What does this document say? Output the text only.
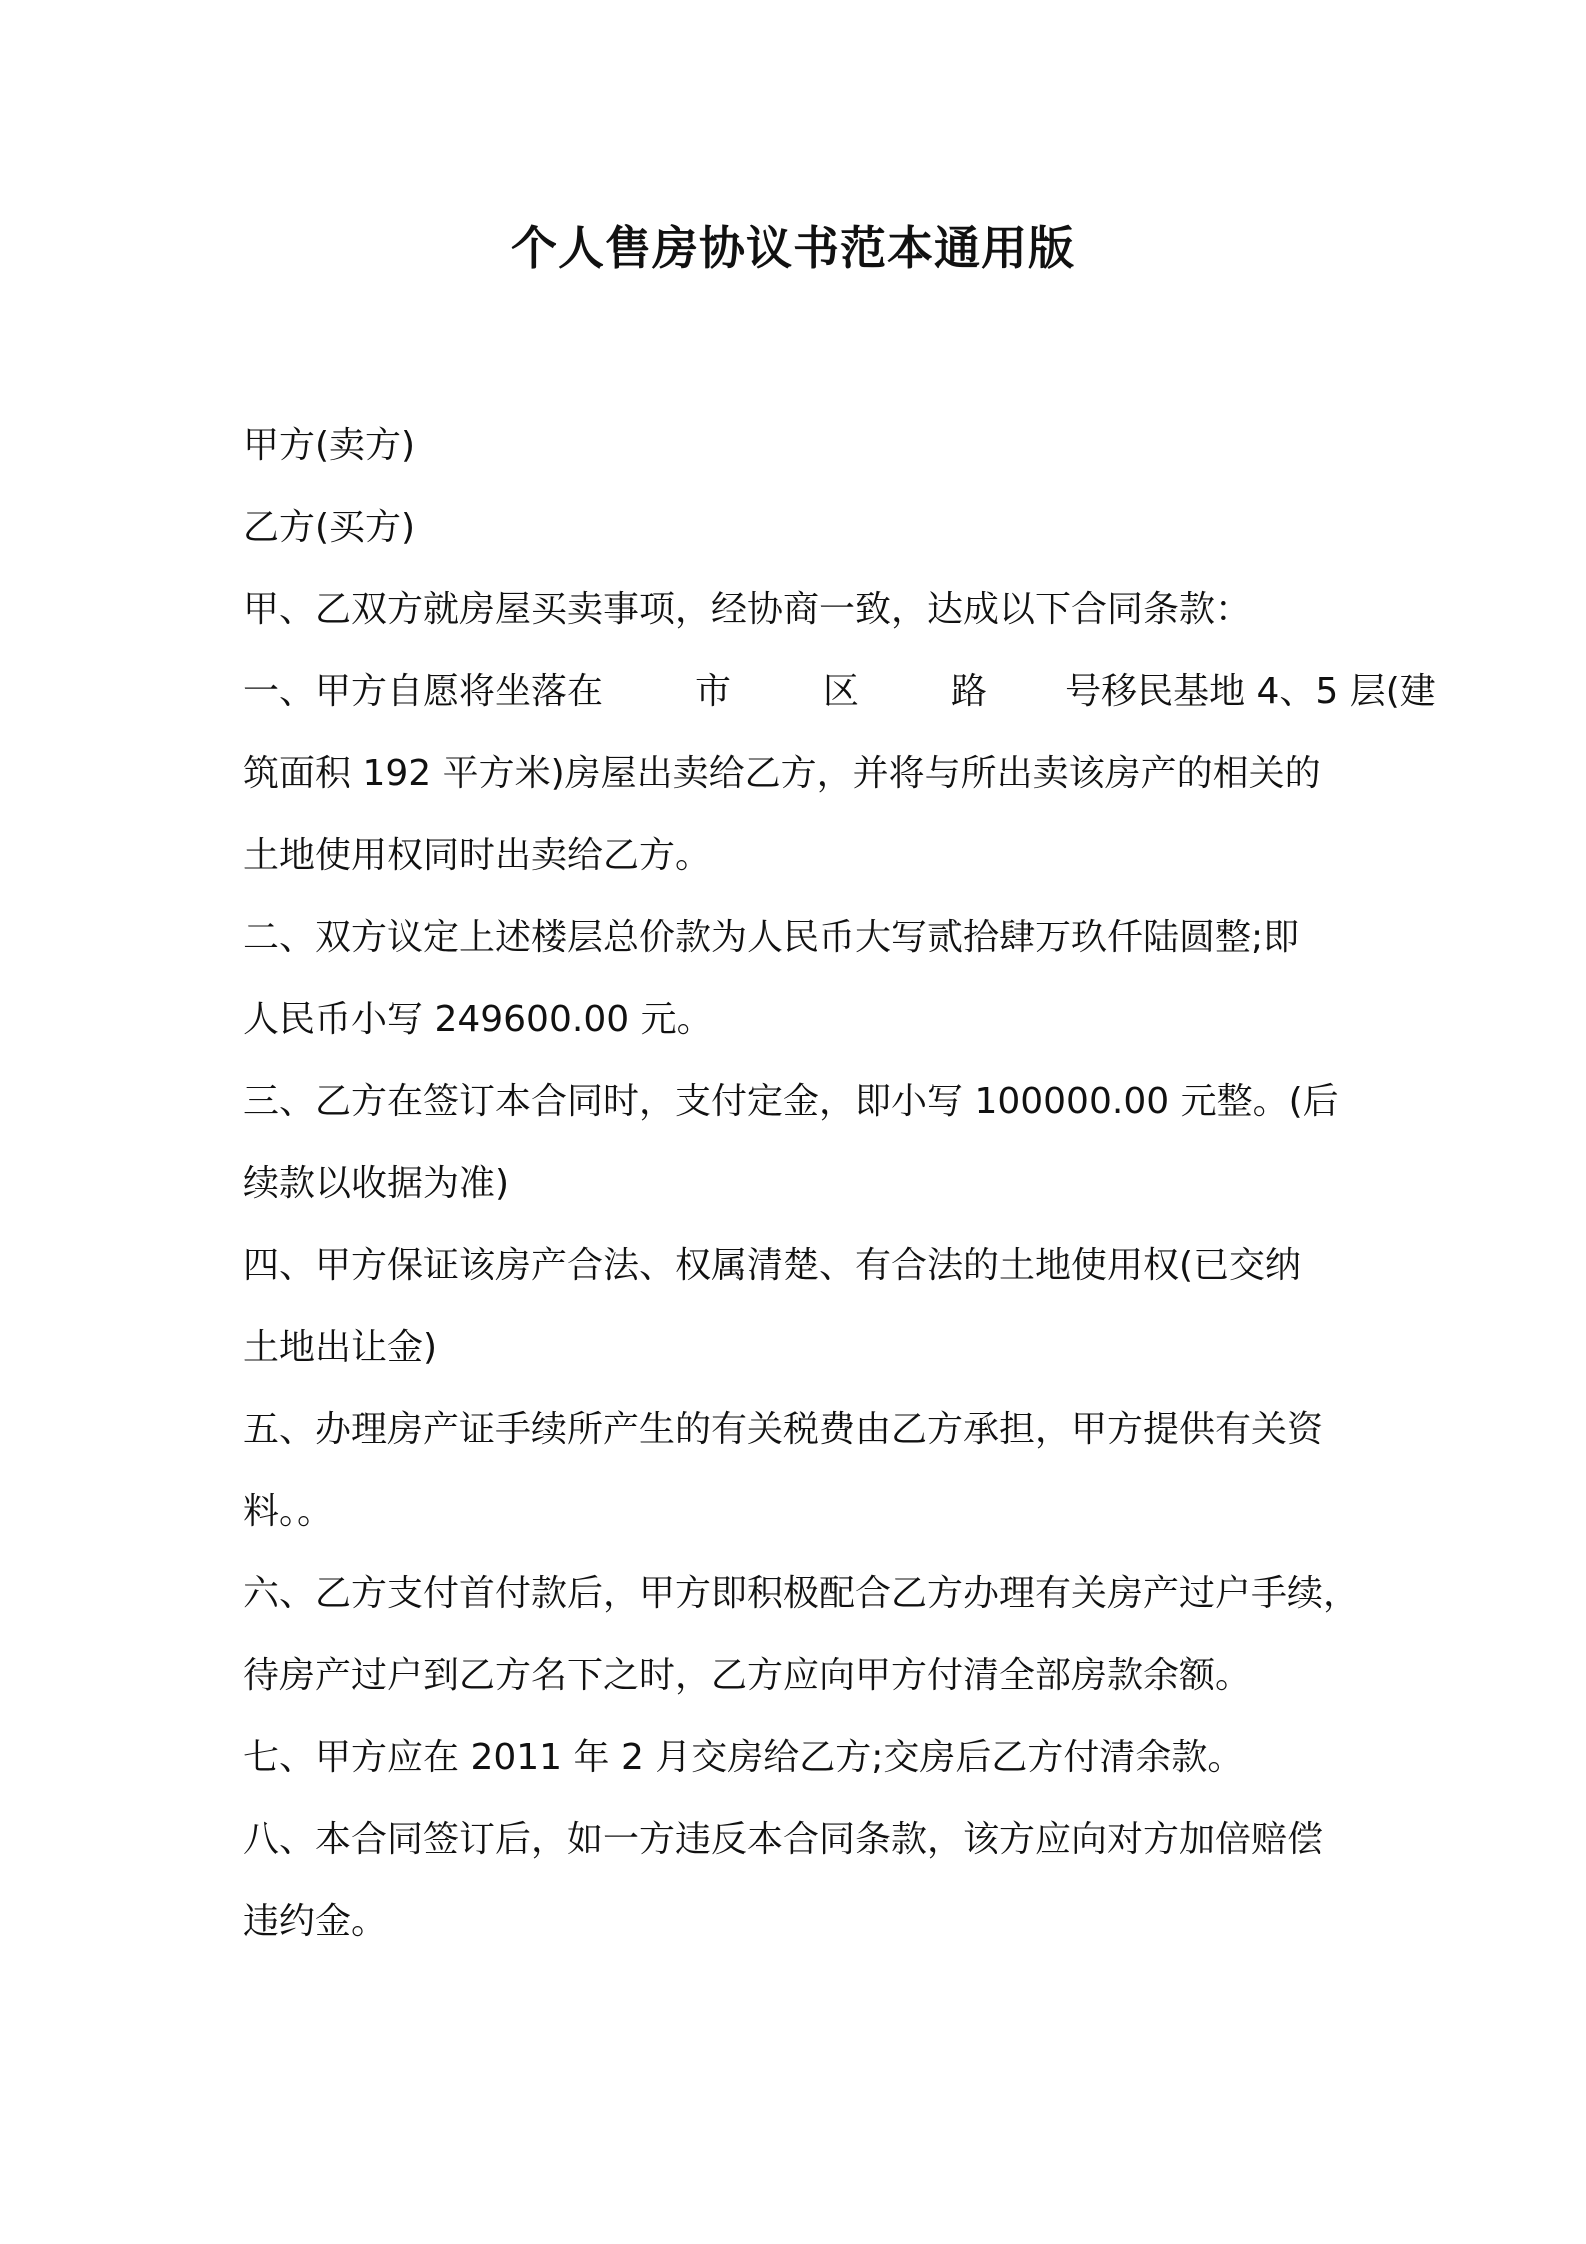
个人售房协议书范本通用版
甲方(卖方)
乙方(买方)
甲、乙双方就房屋买卖事项，经协商一致，达成以下合同条款：
一、甲方自愿将坐落在	市	区	路 号移民基地 4、5 层(建
筑面积 192 平方米)房屋出卖给乙方，并将与所出卖该房产的相关的
土地使用权同时出卖给乙方。
二、双方议定上述楼层总价款为人民币大写贰拾肆万玖仟陆圆整;即
人民币小写 249600.00 元。
三、乙方在签订本合同时，支付定金，即小写 100000.00 元整。(后
续款以收据为准)
四、甲方保证该房产合法、权属清楚、有合法的土地使用权(已交纳
土地出让金)
五、办理房产证手续所产生的有关税费由乙方承担，甲方提供有关资
料。。
六、乙方支付首付款后，甲方即积极配合乙方办理有关房产过户手续，
待房产过户到乙方名下之时，乙方应向甲方付清全部房款余额。
七、甲方应在 2011 年 2 月交房给乙方;交房后乙方付清余款。
八、本合同签订后，如一方违反本合同条款，该方应向对方加倍赔偿
违约金。
